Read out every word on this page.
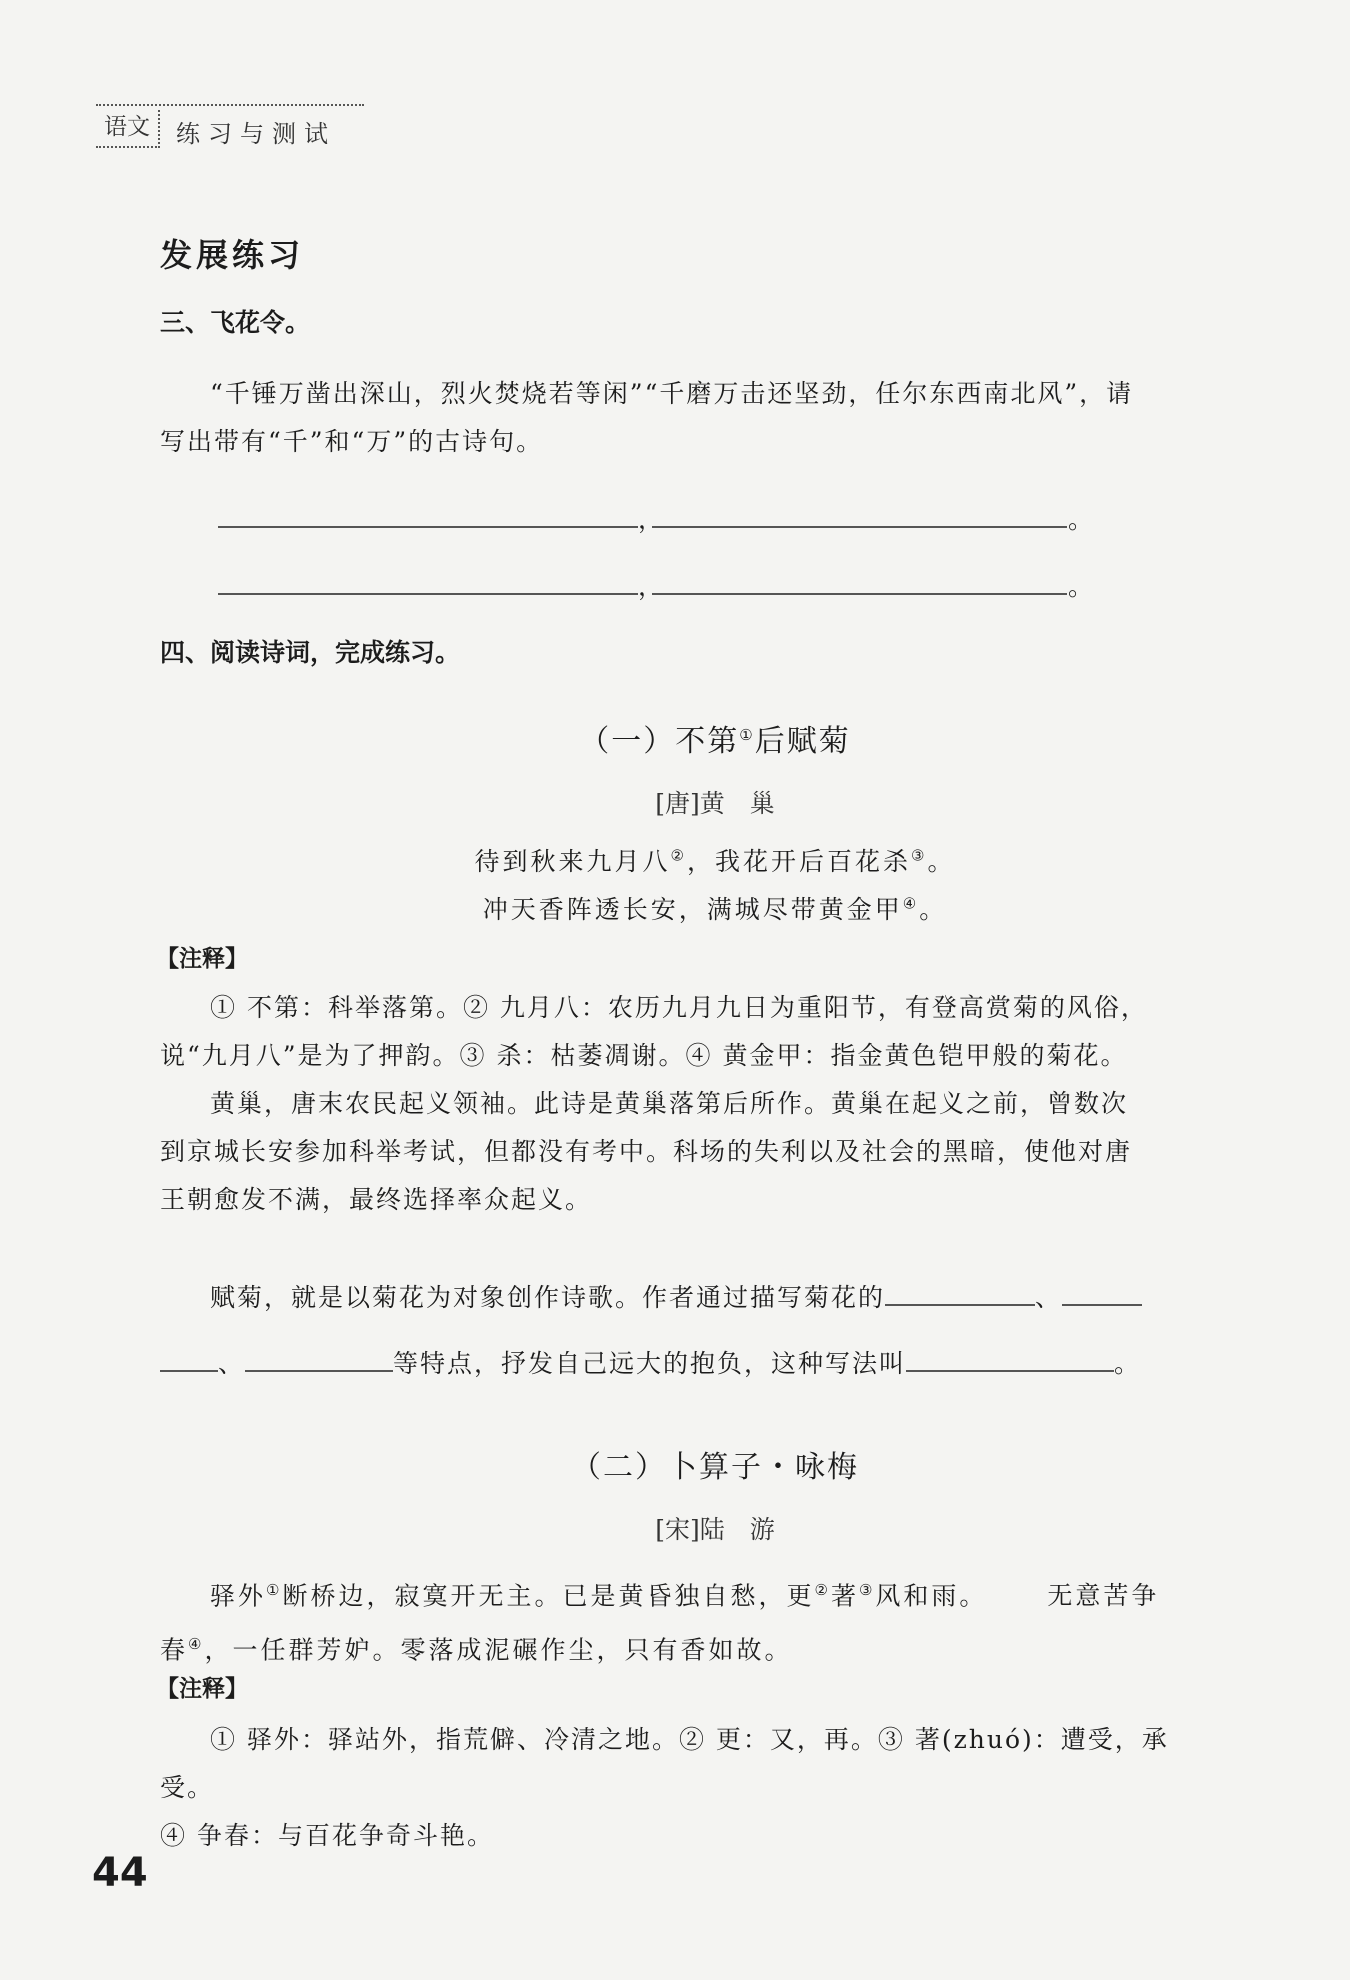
语文	练习与测试
发展练习
三、飞花令。

“千锤万凿出深山，烈火焚烧若等闲”“千磨万击还坚劲，任尔东西南北风”，请

写出带有“千”和“万”的古诗句。

，	。
，	。
四、阅读诗词，完成练习。
（一）不第①后赋菊
[唐]黄　巢
待到秋来九月八②，我花开后百花杀③。
冲天香阵透长安，满城尽带黄金甲④。
【注释】

① 不第：科举落第。② 九月八：农历九月九日为重阳节，有登高赏菊的风俗，

说“九月八”是为了押韵。③ 杀：枯萎凋谢。④ 黄金甲：指金黄色铠甲般的菊花。

黄巢，唐末农民起义领袖。此诗是黄巢落第后所作。黄巢在起义之前，曾数次

到京城长安参加科举考试，但都没有考中。科场的失利以及社会的黑暗，使他对唐

王朝愈发不满，最终选择率众起义。

赋菊，就是以菊花为对象创作诗歌。作者通过描写菊花的	、
、	等特点，抒发自己远大的抱负，这种写法叫	。
（二）卜算子・咏梅
[宋]陆　游
驿外①断桥边，寂寞开无主。已是黄昏独自愁，更②著③风和雨。 无意苦争
春④，一任群芳妒。零落成泥碾作尘，只有香如故。
【注释】

① 驿外：驿站外，指荒僻、冷清之地。② 更：又，再。③ 著(zhuó)：遭受，承受。

④ 争春：与百花争奇斗艳。

44
